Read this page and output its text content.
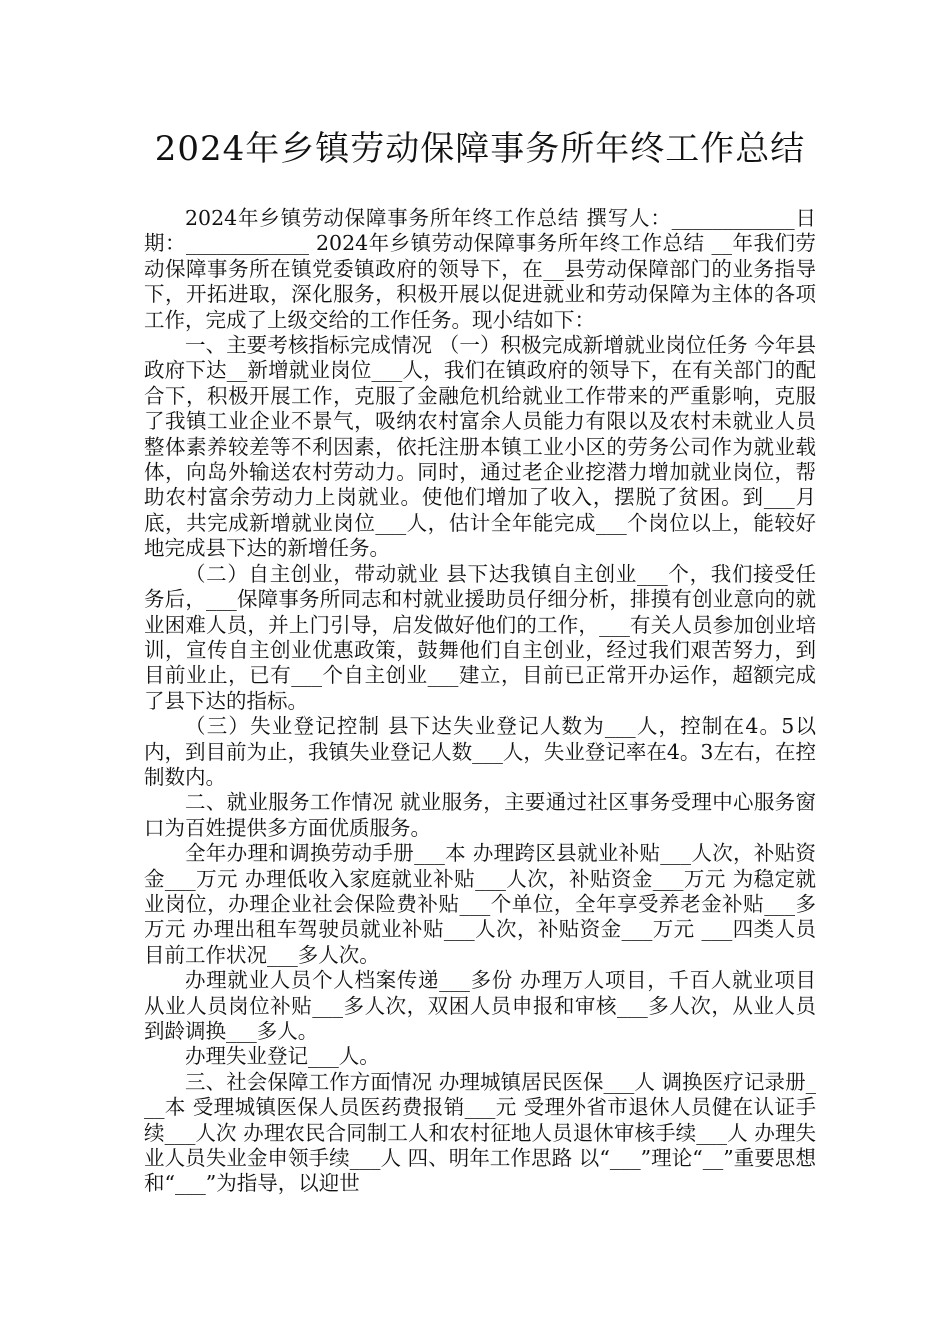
2024年乡镇劳动保障事务所年终工作总结

2024年乡镇劳动保障事务所年终工作总结 撰写人：____________日 期：____________ 2024年乡镇劳动保障事务所年终工作总结 __年我们劳动保障事务所在镇党委镇政府的领导下，在__县劳动保障部门的业务指导下，开拓进取，深化服务，积极开展以促进就业和劳动保障为主体的各项工作，完成了上级交给的工作任务。现小结如下：

一、主要考核指标完成情况 （一）积极完成新增就业岗位任务 今年县政府下达__新增就业岗位___人，我们在镇政府的领导下，在有关部门的配合下，积极开展工作，克服了金融危机给就业工作带来的严重影响，克服了我镇工业企业不景气，吸纳农村富余人员能力有限以及农村未就业人员整体素养较差等不利因素，依托注册本镇工业小区的劳务公司作为就业载体，向岛外输送农村劳动力。同时，通过老企业挖潜力增加就业岗位，帮助农村富余劳动力上岗就业。使他们增加了收入，摆脱了贫困。到___月底，共完成新增就业岗位___人，估计全年能完成___个岗位以上，能较好地完成县下达的新增任务。

（二）自主创业，带动就业 县下达我镇自主创业___个，我们接受任务后，___保障事务所同志和村就业援助员仔细分析，排摸有创业意向的就业困难人员，并上门引导，启发做好他们的工作，___有关人员参加创业培训，宣传自主创业优惠政策，鼓舞他们自主创业，经过我们艰苦努力，到目前业止，已有___个自主创业___建立，目前已正常开办运作，超额完成了县下达的指标。

（三）失业登记控制 县下达失业登记人数为___人，控制在4。5以内，到目前为止，我镇失业登记人数___人，失业登记率在4。3左右，在控制数内。

二、就业服务工作情况 就业服务，主要通过社区事务受理中心服务窗口为百姓提供多方面优质服务。

全年办理和调换劳动手册___本 办理跨区县就业补贴___人次，补贴资金___万元 办理低收入家庭就业补贴___人次，补贴资金___万元 为稳定就业岗位，办理企业社会保险费补贴___个单位，全年享受养老金补贴___多万元 办理出租车驾驶员就业补贴___人次，补贴资金___万元 ___四类人员目前工作状况___多人次。

办理就业人员个人档案传递___多份 办理万人项目，千百人就业项目从业人员岗位补贴___多人次，双困人员申报和审核___多人次，从业人员到龄调换___多人。

办理失业登记___人。

三、社会保障工作方面情况 办理城镇居民医保___人 调换医疗记录册___本 受理城镇医保人员医药费报销___元 受理外省市退休人员健在认证手续___人次 办理农民合同制工人和农村征地人员退休审核手续___人 办理失业人员失业金申领手续___人 四、明年工作思路 以“___”理论“__”重要思想和“___”为指导，以迎世
